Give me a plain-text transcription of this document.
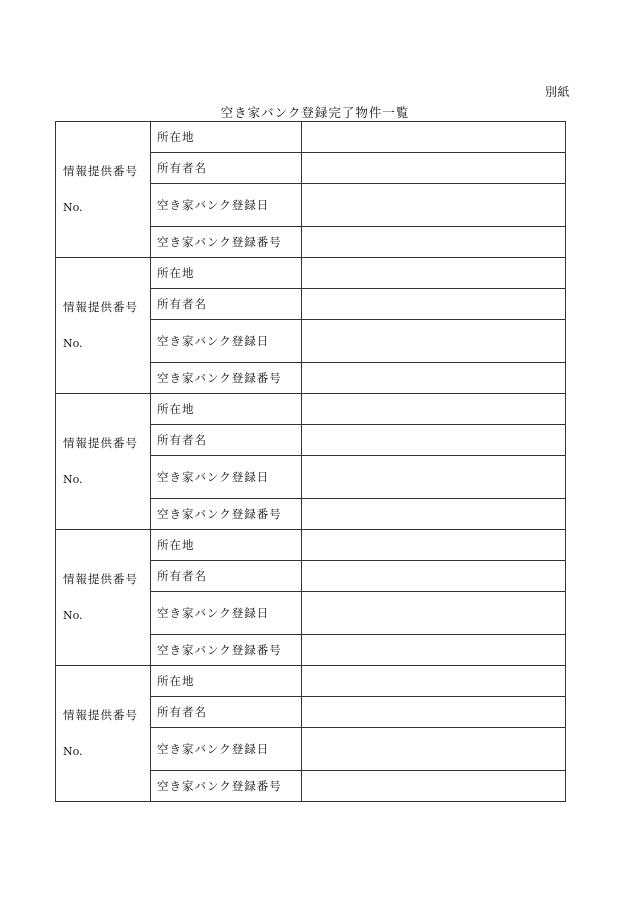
別紙
空き家バンク登録完了物件一覧
情報提供番号
No.	所在地	
	所有者名	
	空き家バンク登録日	
	空き家バンク登録番号	

情報提供番号
No.	所在地	
	所有者名	
	空き家バンク登録日	
	空き家バンク登録番号	

情報提供番号
No.	所在地	
	所有者名	
	空き家バンク登録日	
	空き家バンク登録番号	

情報提供番号
No.	所在地	
	所有者名	
	空き家バンク登録日	
	空き家バンク登録番号	

情報提供番号
No.	所在地	
	所有者名	
	空き家バンク登録日	
	空き家バンク登録番号	
